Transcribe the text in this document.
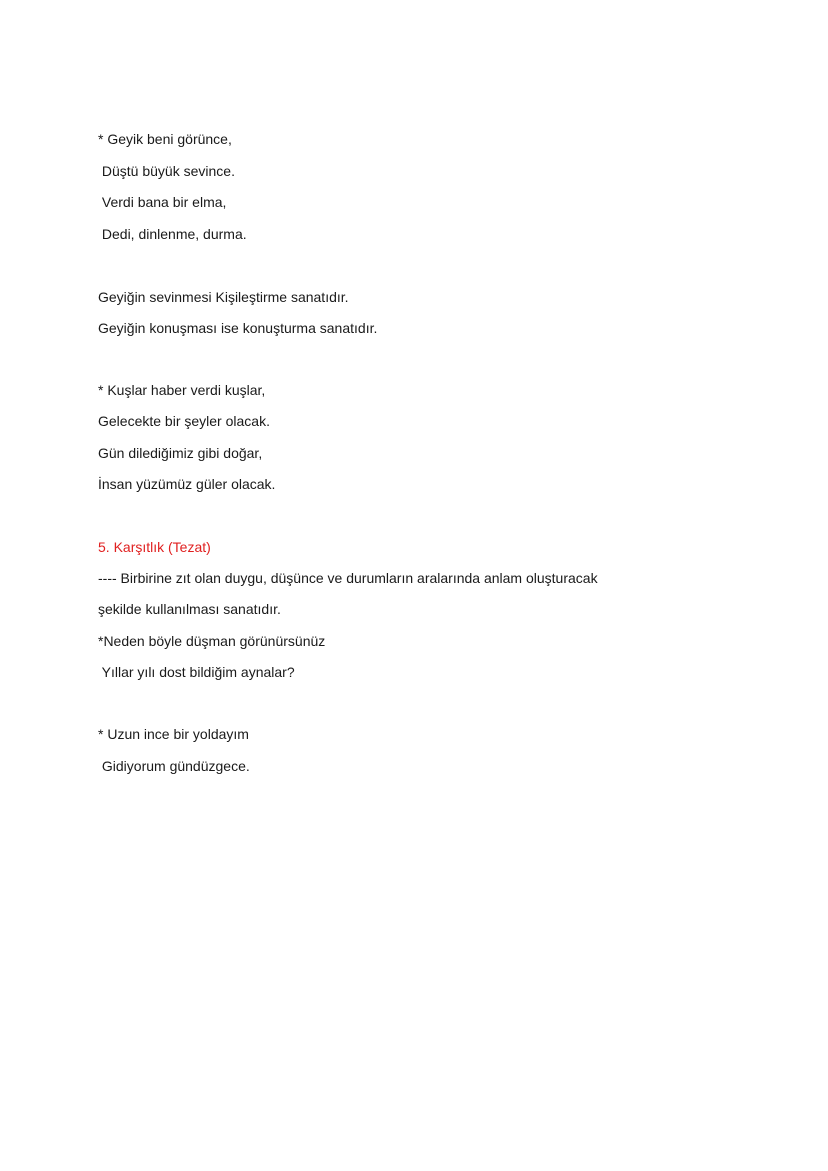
* Geyik beni görünce,
Düştü büyük sevince.
Verdi bana bir elma,
Dedi, dinlenme, durma.
Geyiğin sevinmesi Kişileştirme sanatıdır.
Geyiğin konuşması ise konuşturma sanatıdır.
* Kuşlar haber verdi kuşlar,
Gelecekte bir şeyler olacak.
Gün dilediğimiz gibi doğar,
İnsan yüzümüz güler olacak.
5. Karşıtlık (Tezat)
---- Birbirine zıt olan duygu, düşünce ve durumların aralarında anlam oluşturacak
şekilde kullanılması sanatıdır.
*Neden böyle düşman görünürsünüz
Yıllar yılı dost bildiğim aynalar?
* Uzun ince bir yoldayım
Gidiyorum gündüzgece.
